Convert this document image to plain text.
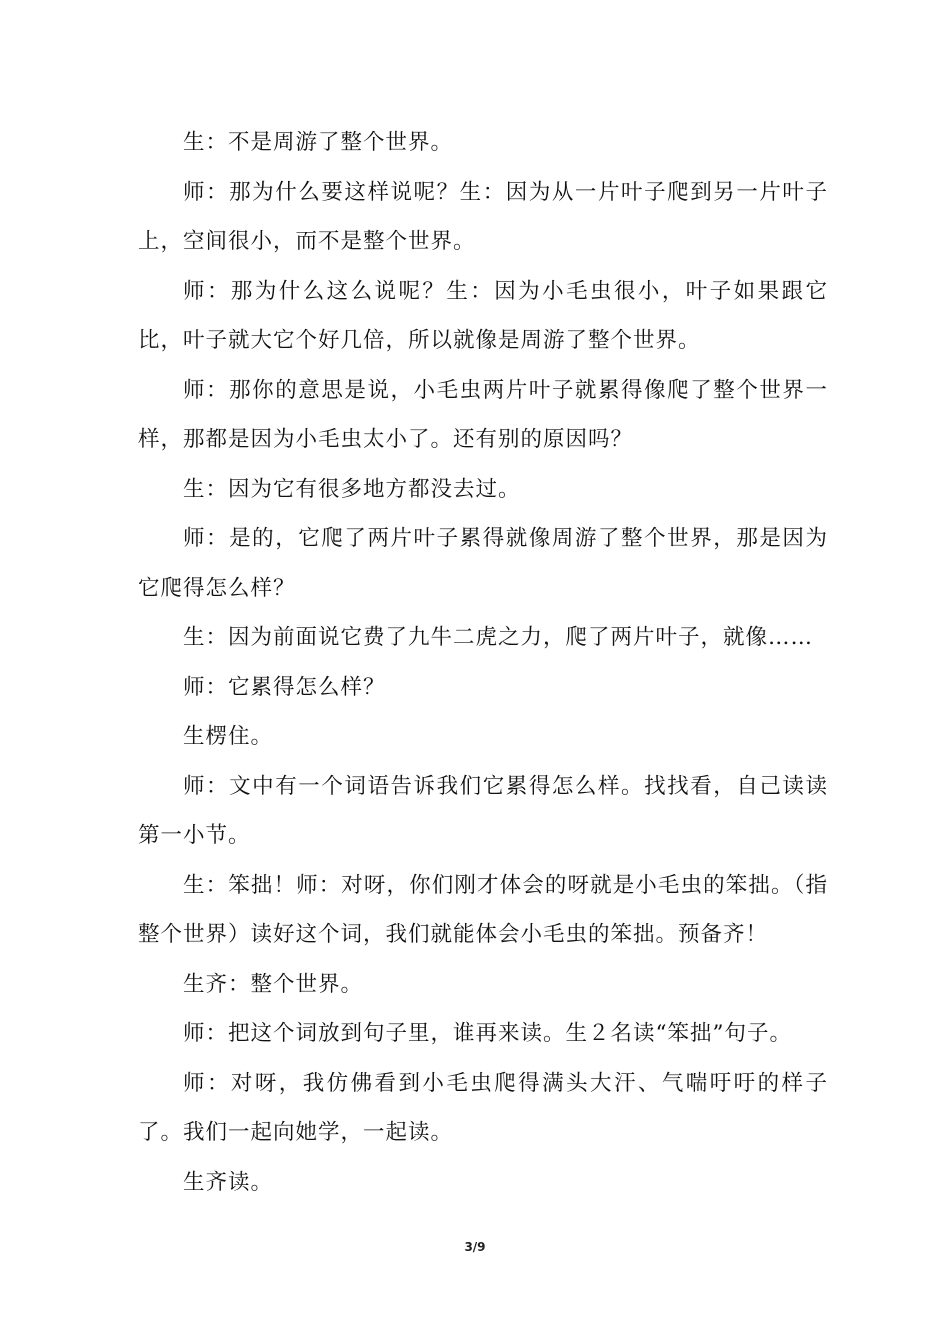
生：不是周游了整个世界。

师：那为什么要这样说呢？生：因为从一片叶子爬到另一片叶子上，空间很小，而不是整个世界。

师：那为什么这么说呢？生：因为小毛虫很小，叶子如果跟它比，叶子就大它个好几倍，所以就像是周游了整个世界。

师：那你的意思是说，小毛虫两片叶子就累得像爬了整个世界一样，那都是因为小毛虫太小了。还有别的原因吗？

生：因为它有很多地方都没去过。

师：是的，它爬了两片叶子累得就像周游了整个世界，那是因为它爬得怎么样？

生：因为前面说它费了九牛二虎之力，爬了两片叶子，就像……

师：它累得怎么样？

生楞住。

师：文中有一个词语告诉我们它累得怎么样。找找看，自己读读第一小节。

生：笨拙！师：对呀，你们刚才体会的呀就是小毛虫的笨拙。（指整个世界）读好这个词，我们就能体会小毛虫的笨拙。预备齐！

生齐：整个世界。

师：把这个词放到句子里，谁再来读。生２名读“笨拙”句子。

师：对呀，我仿佛看到小毛虫爬得满头大汗、气喘吁吁的样子了。我们一起向她学，一起读。

生齐读。

3/9
